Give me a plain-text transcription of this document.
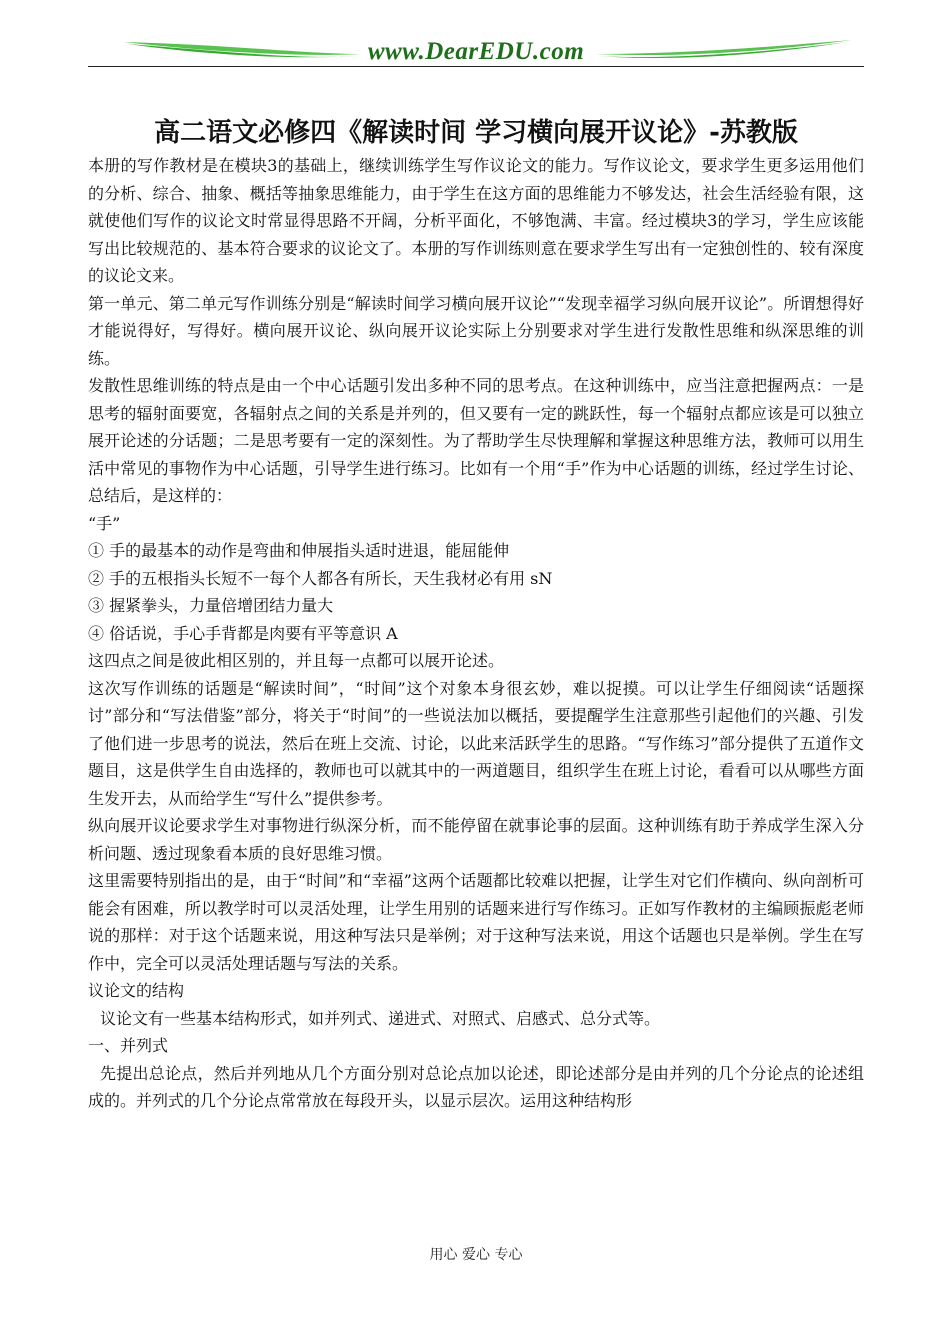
www.DearEDU.com
高二语文必修四《解读时间 学习横向展开议论》-苏教版

本册的写作教材是在模块3的基础上，继续训练学生写作议论文的能力。写作议论文，要求学生更多运用他们的分析、综合、抽象、概括等抽象思维能力，由于学生在这方面的思维能力不够发达，社会生活经验有限，这就使他们写作的议论文时常显得思路不开阔，分析平面化，不够饱满、丰富。经过模块3的学习，学生应该能写出比较规范的、基本符合要求的议论文了。本册的写作训练则意在要求学生写出有一定独创性的、较有深度的议论文来。

第一单元、第二单元写作训练分别是“解读时间学习横向展开议论”“发现幸福学习纵向展开议论”。所谓想得好才能说得好，写得好。横向展开议论、纵向展开议论实际上分别要求对学生进行发散性思维和纵深思维的训练。

发散性思维训练的特点是由一个中心话题引发出多种不同的思考点。在这种训练中，应当注意把握两点：一是思考的辐射面要宽，各辐射点之间的关系是并列的，但又要有一定的跳跃性，每一个辐射点都应该是可以独立展开论述的分话题；二是思考要有一定的深刻性。为了帮助学生尽快理解和掌握这种思维方法，教师可以用生活中常见的事物作为中心话题，引导学生进行练习。比如有一个用“手”作为中心话题的训练，经过学生讨论、总结后，是这样的：

“手”

① 手的最基本的动作是弯曲和伸展指头适时进退，能屈能伸

② 手的五根指头长短不一每个人都各有所长，天生我材必有用 sN

③ 握紧拳头，力量倍增团结力量大

④ 俗话说，手心手背都是肉要有平等意识 A

这四点之间是彼此相区别的，并且每一点都可以展开论述。

这次写作训练的话题是“解读时间”，“时间”这个对象本身很玄妙，难以捉摸。可以让学生仔细阅读“话题探讨”部分和“写法借鉴”部分，将关于“时间”的一些说法加以概括，要提醒学生注意那些引起他们的兴趣、引发了他们进一步思考的说法，然后在班上交流、讨论，以此来活跃学生的思路。“写作练习”部分提供了五道作文题目，这是供学生自由选择的，教师也可以就其中的一两道题目，组织学生在班上讨论，看看可以从哪些方面生发开去，从而给学生“写什么”提供参考。

纵向展开议论要求学生对事物进行纵深分析，而不能停留在就事论事的层面。这种训练有助于养成学生深入分析问题、透过现象看本质的良好思维习惯。

这里需要特别指出的是，由于“时间”和“幸福”这两个话题都比较难以把握，让学生对它们作横向、纵向剖析可能会有困难，所以教学时可以灵活处理，让学生用别的话题来进行写作练习。正如写作教材的主编顾振彪老师说的那样：对于这个话题来说，用这种写法只是举例；对于这种写法来说，用这个话题也只是举例。学生在写作中，完全可以灵活处理话题与写法的关系。

议论文的结构

议论文有一些基本结构形式，如并列式、递进式、对照式、启感式、总分式等。

一、并列式

先提出总论点，然后并列地从几个方面分别对总论点加以论述，即论述部分是由并列的几个分论点的论述组成的。并列式的几个分论点常常放在每段开头，以显示层次。运用这种结构形

用心 爱心 专心
